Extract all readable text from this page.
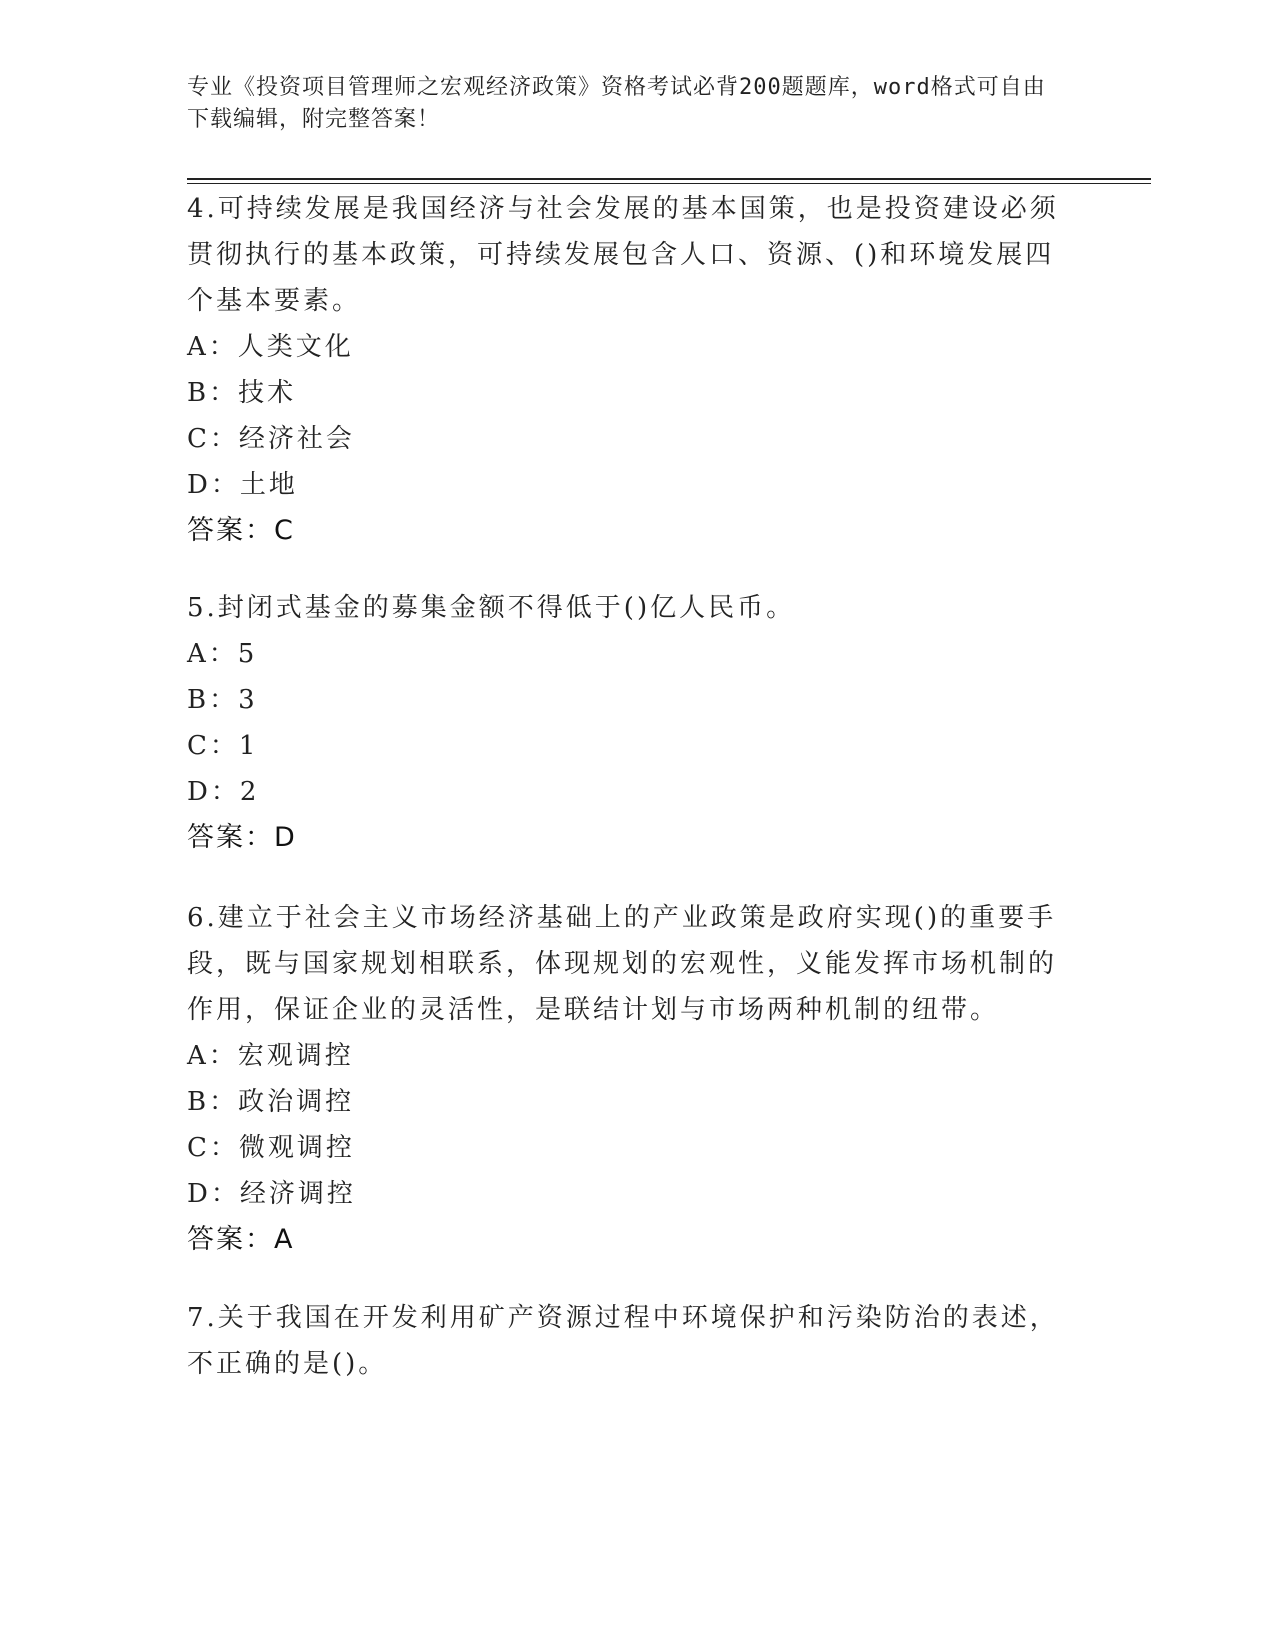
专业《投资项目管理师之宏观经济政策》资格考试必背200题题库，word格式可自由下载编辑，附完整答案！
4.可持续发展是我国经济与社会发展的基本国策，也是投资建设必须贯彻执行的基本政策，可持续发展包含人口、资源、()和环境发展四个基本要素。
A：人类文化
B：技术
C：经济社会
D：土地
答案：C
5.封闭式基金的募集金额不得低于()亿人民币。
A：5
B：3
C：1
D：2
答案：D
6.建立于社会主义市场经济基础上的产业政策是政府实现()的重要手段，既与国家规划相联系，体现规划的宏观性，义能发挥市场机制的作用，保证企业的灵活性，是联结计划与市场两种机制的纽带。
A：宏观调控
B：政治调控
C：微观调控
D：经济调控
答案：A
7.关于我国在开发利用矿产资源过程中环境保护和污染防治的表述，不正确的是()。
